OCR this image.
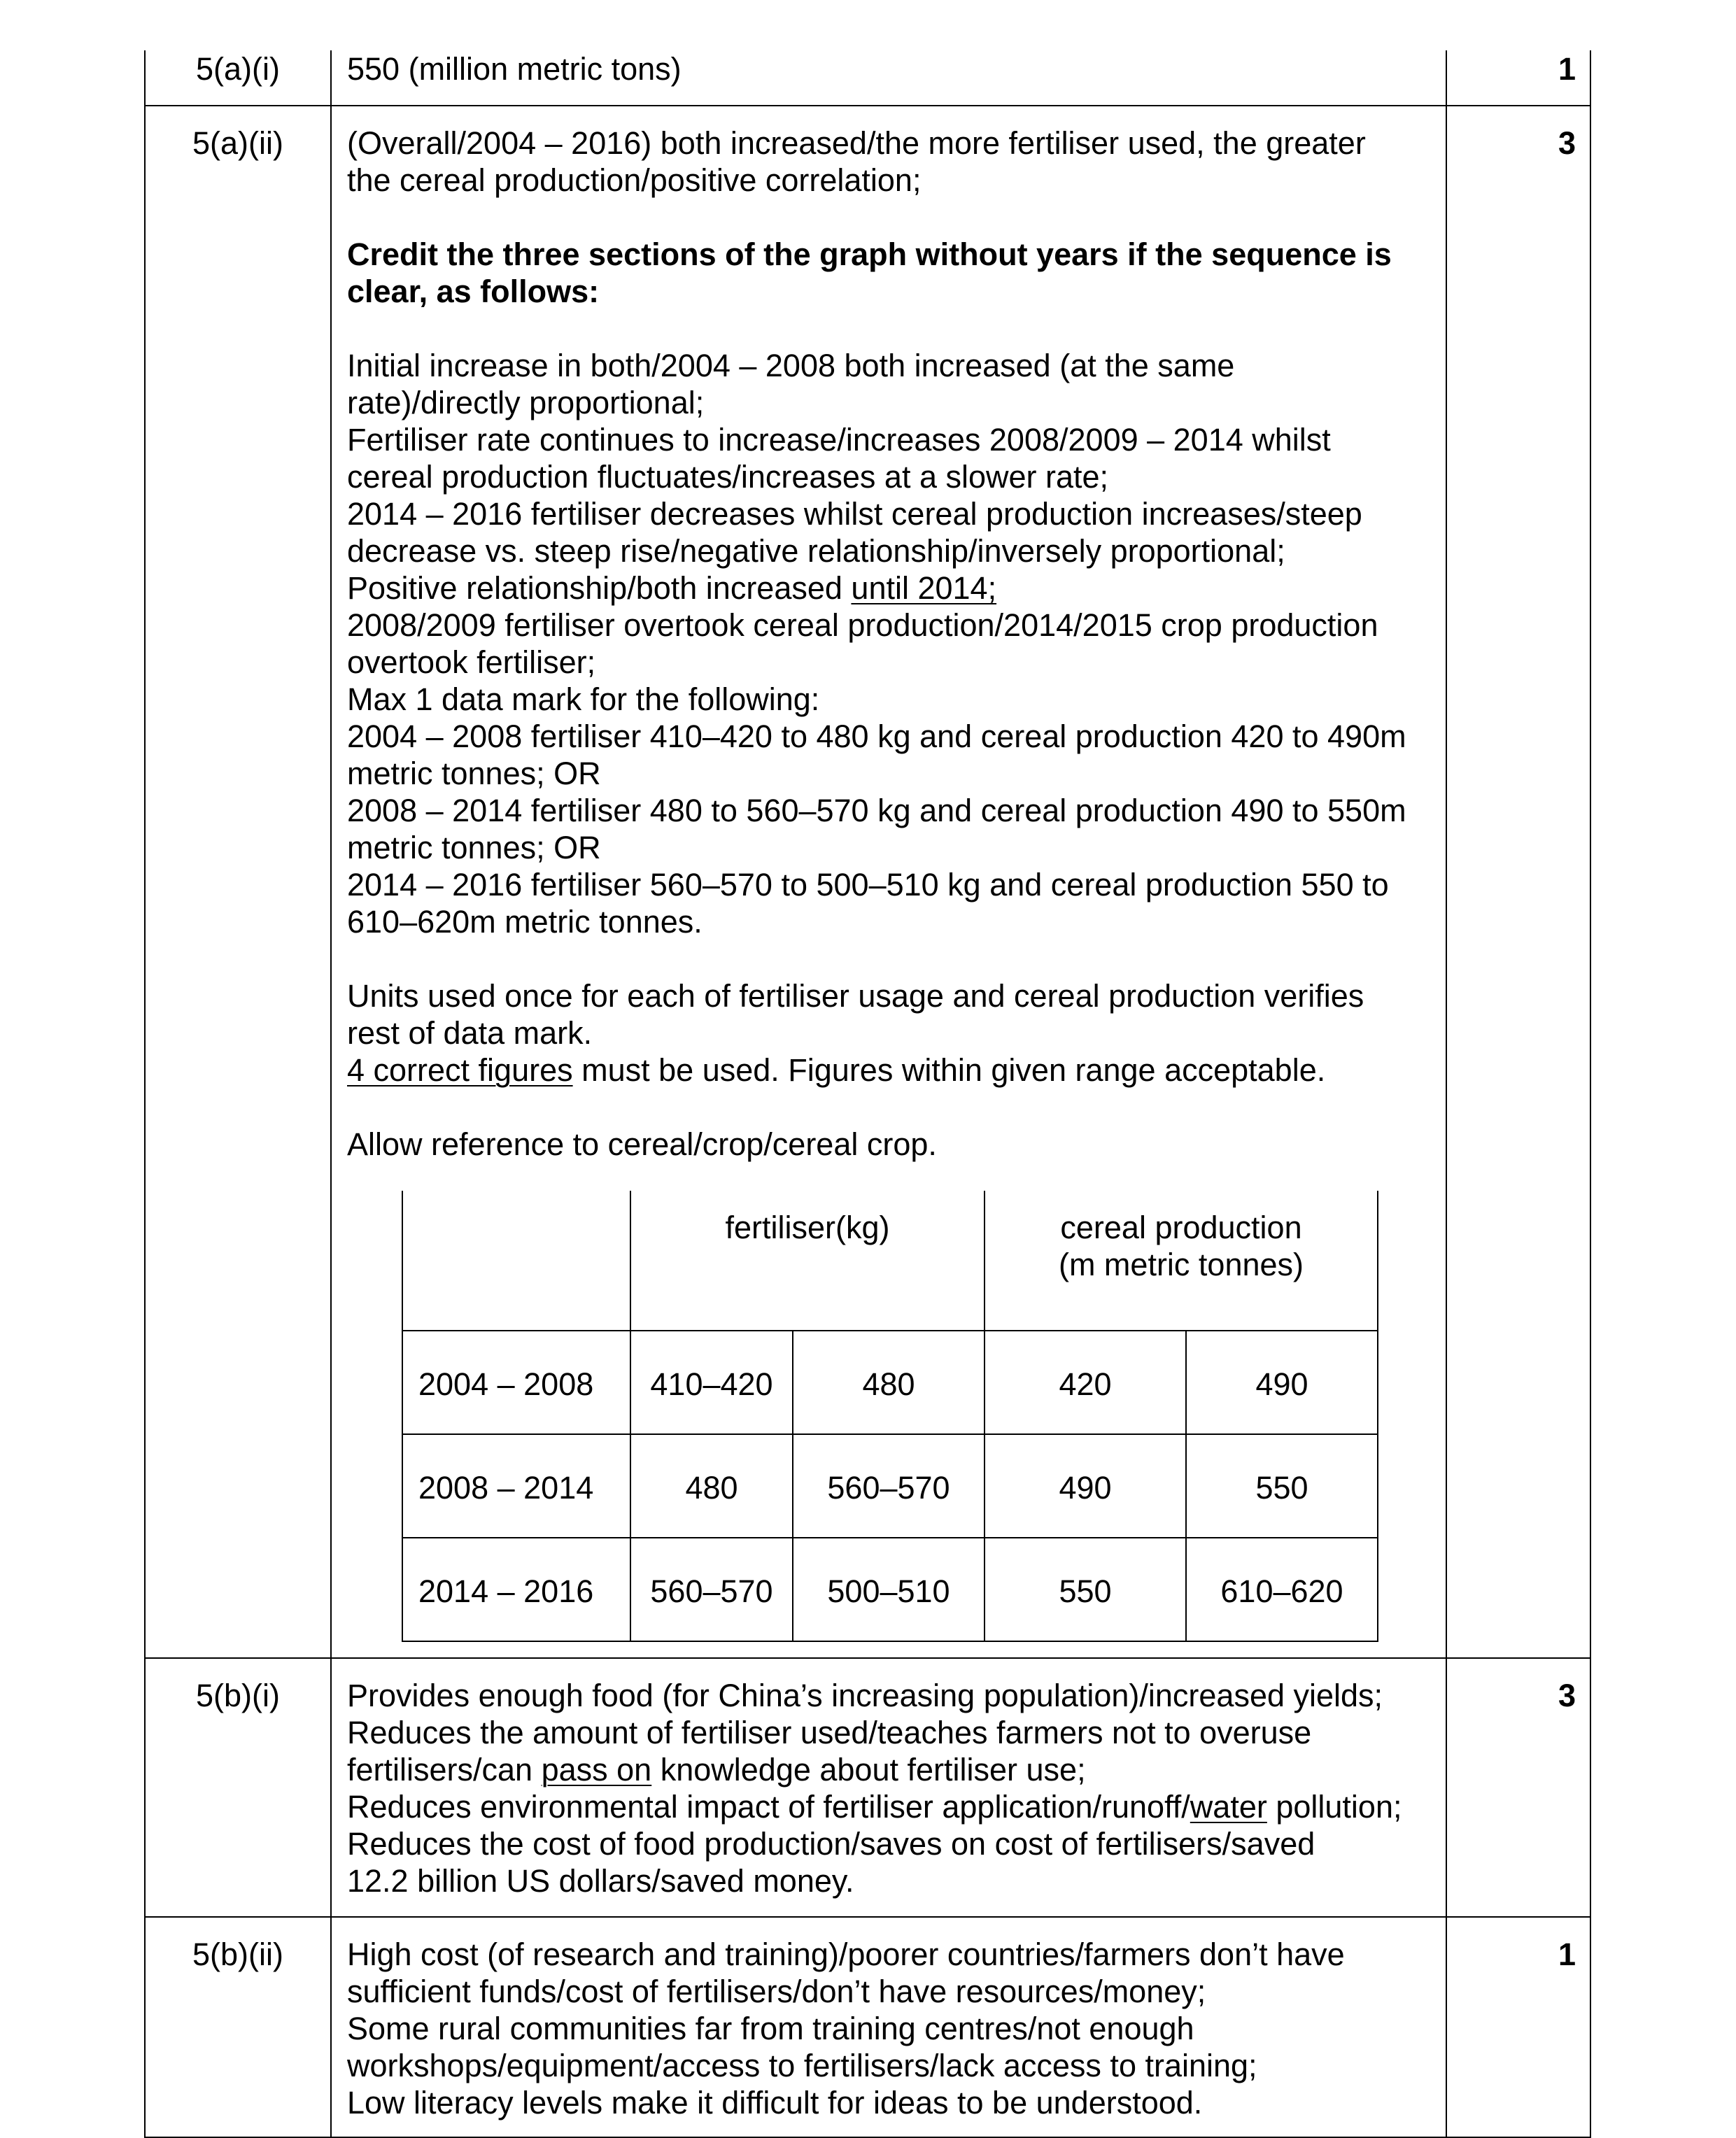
5(a)(i)	550 (million metric tons)	1
5(a)(ii)	(Overall/2004 – 2016) both increased/the more fertiliser used, the greater
the cereal production/positive correlation;
Credit the three sections of the graph without years if the sequence is
clear, as follows:
Initial increase in both/2004 – 2008 both increased (at the same
rate)/directly proportional;
Fertiliser rate continues to increase/increases 2008/2009 – 2014 whilst
cereal production fluctuates/increases at a slower rate;
2014 – 2016 fertiliser decreases whilst cereal production increases/steep
decrease vs. steep rise/negative relationship/inversely proportional;
Positive relationship/both increased until 2014;
2008/2009 fertiliser overtook cereal production/2014/2015 crop production
overtook fertiliser;
Max 1 data mark for the following:
2004 – 2008 fertiliser 410–420 to 480 kg and cereal production 420 to 490m
metric tonnes; OR
2008 – 2014 fertiliser 480 to 560–570 kg and cereal production 490 to 550m
metric tonnes; OR
2014 – 2016 fertiliser 560–570 to 500–510 kg and cereal production 550 to
610–620m metric tonnes.
Units used once for each of fertiliser usage and cereal production verifies
rest of data mark.
4 correct figures must be used. Figures within given range acceptable.
Allow reference to cereal/crop/cereal crop.
	fertiliser(kg)	cereal production
(m metric tonnes)

2004 – 2008	410–420	480	420	490
2008 – 2014	480	560–570	490	550
2014 – 2016	560–570	500–510	550	610–620
	3
5(b)(i)	Provides enough food (for China’s increasing population)/increased yields;
Reduces the amount of fertiliser used/teaches farmers not to overuse
fertilisers/can pass on knowledge about fertiliser use;
Reduces environmental impact of fertiliser application/runoff/water pollution;
Reduces the cost of food production/saves on cost of fertilisers/saved
12.2 billion US dollars/saved money.
	3
5(b)(ii)	High cost (of research and training)/poorer countries/farmers don’t have
sufficient funds/cost of fertilisers/don’t have resources/money;
Some rural communities far from training centres/not enough
workshops/equipment/access to fertilisers/lack access to training;
Low literacy levels make it difficult for ideas to be understood.
	1
